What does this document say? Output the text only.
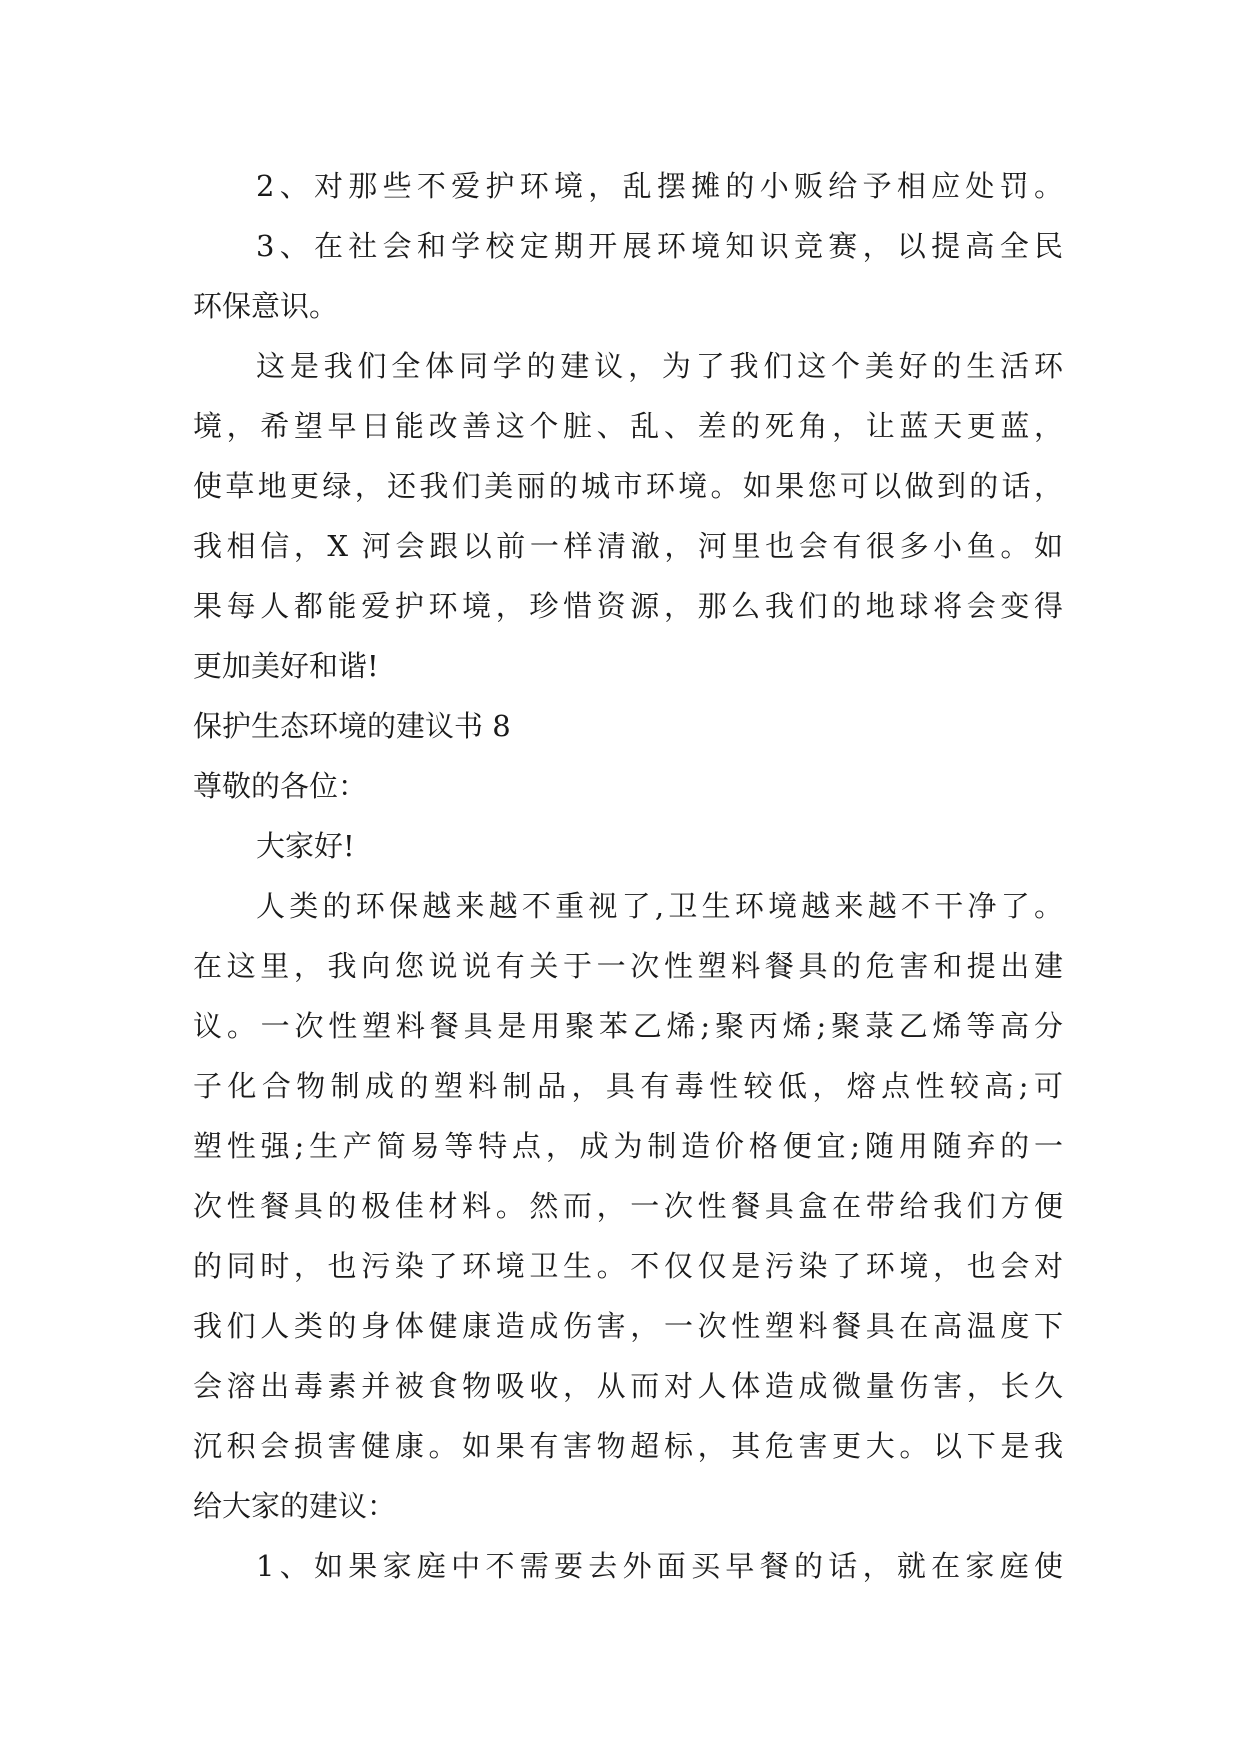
2、对那些不爱护环境，乱摆摊的小贩给予相应处罚。
3、在社会和学校定期开展环境知识竞赛，以提高全民
环保意识。
这是我们全体同学的建议，为了我们这个美好的生活环
境，希望早日能改善这个脏、乱、差的死角，让蓝天更蓝，
使草地更绿，还我们美丽的城市环境。如果您可以做到的话，
我相信，X 河会跟以前一样清澈，河里也会有很多小鱼。如
果每人都能爱护环境，珍惜资源，那么我们的地球将会变得
更加美好和谐!
保护生态环境的建议书 8
尊敬的各位：
大家好!
人类的环保越来越不重视了,卫生环境越来越不干净了。
在这里，我向您说说有关于一次性塑料餐具的危害和提出建
议。一次性塑料餐具是用聚苯乙烯;聚丙烯;聚菉乙烯等高分
子化合物制成的塑料制品，具有毒性较低，熔点性较高;可
塑性强;生产简易等特点，成为制造价格便宜;随用随弃的一
次性餐具的极佳材料。然而，一次性餐具盒在带给我们方便
的同时，也污染了环境卫生。不仅仅是污染了环境，也会对
我们人类的身体健康造成伤害，一次性塑料餐具在高温度下
会溶出毒素并被食物吸收，从而对人体造成微量伤害，长久
沉积会损害健康。如果有害物超标，其危害更大。以下是我
给大家的建议：
1、如果家庭中不需要去外面买早餐的话，就在家庭使
